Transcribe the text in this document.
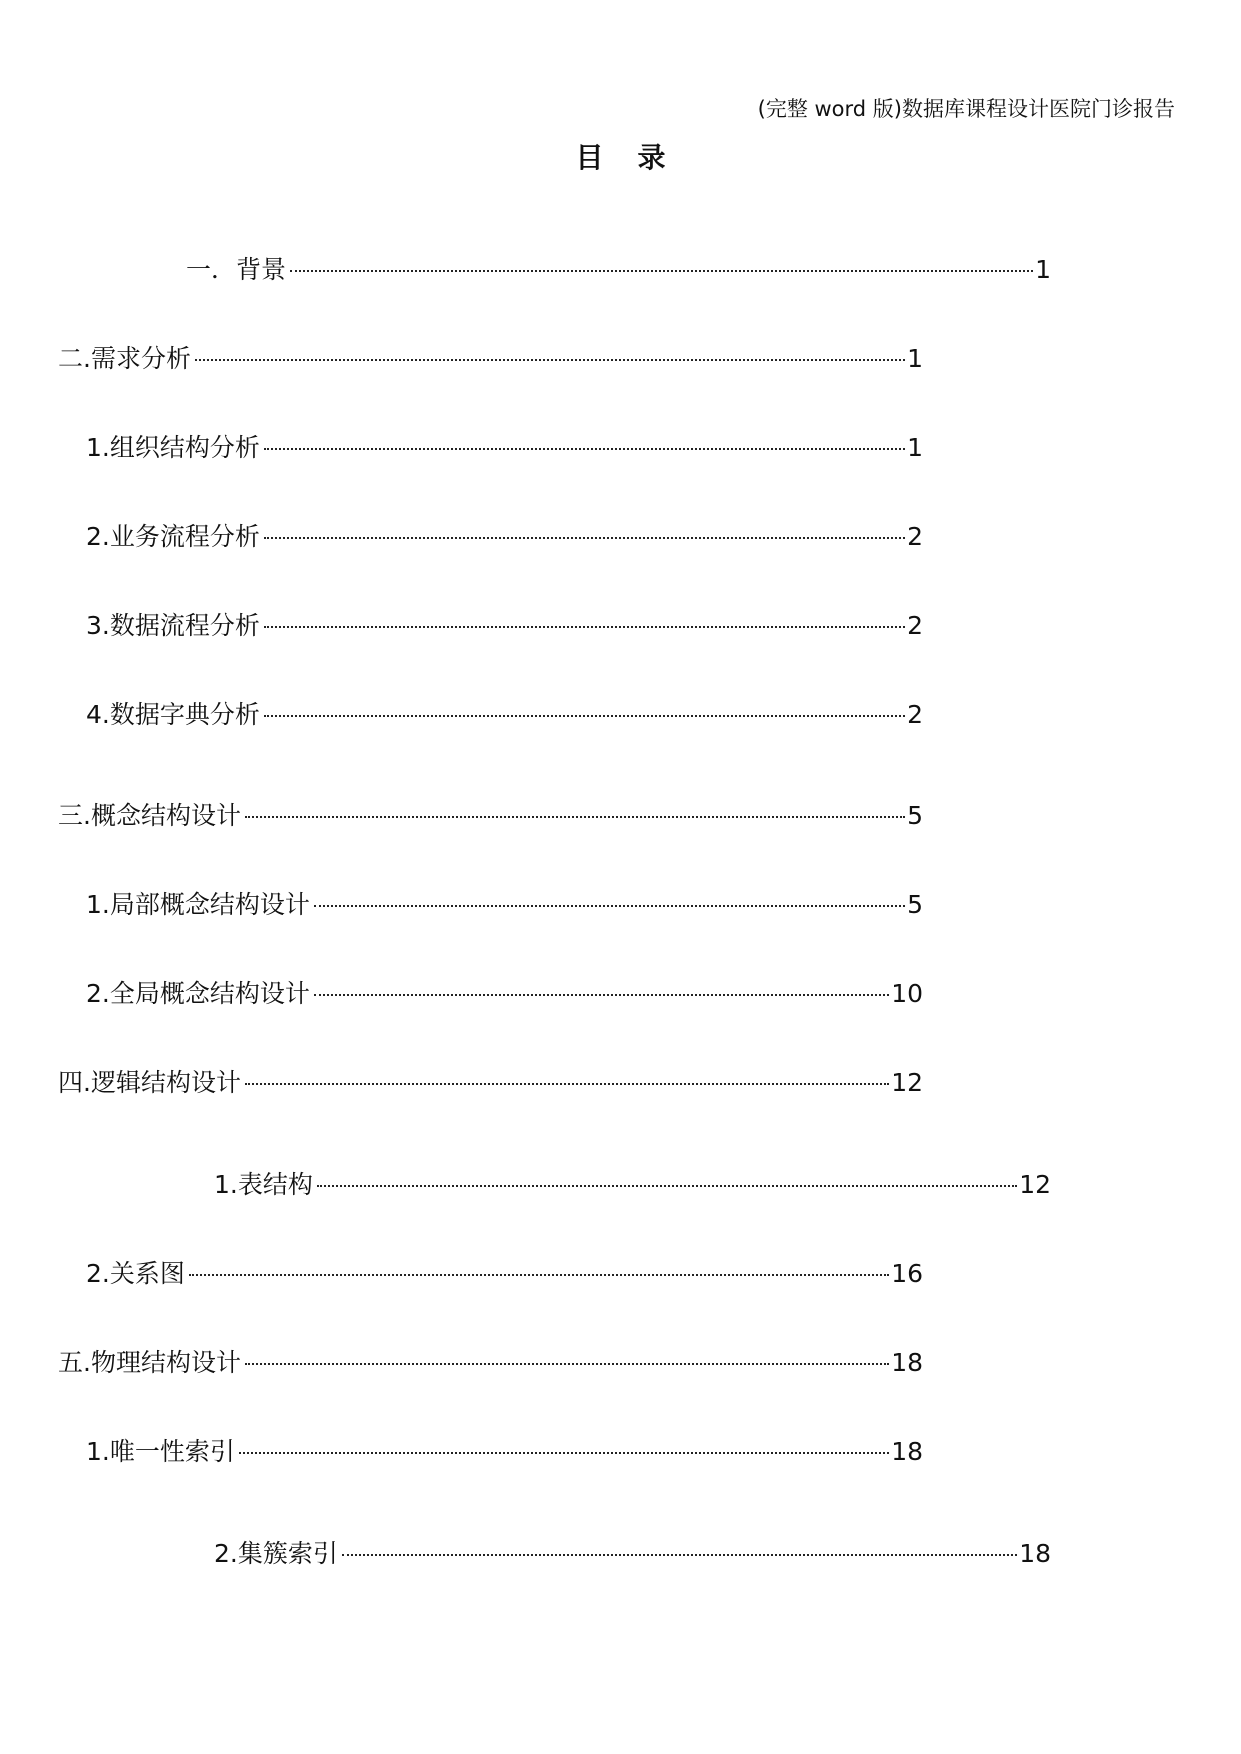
(完整 word 版)数据库课程设计医院门诊报告
目录
一．背景	1
二.需求分析	1
1.组织结构分析	1
2.业务流程分析	2
3.数据流程分析	2
4.数据字典分析	2
三.概念结构设计	5
1.局部概念结构设计	5
2.全局概念结构设计	10
四.逻辑结构设计	12
1.表结构	12
2.关系图	16
五.物理结构设计	18
1.唯一性索引	18
2.集簇索引	18
